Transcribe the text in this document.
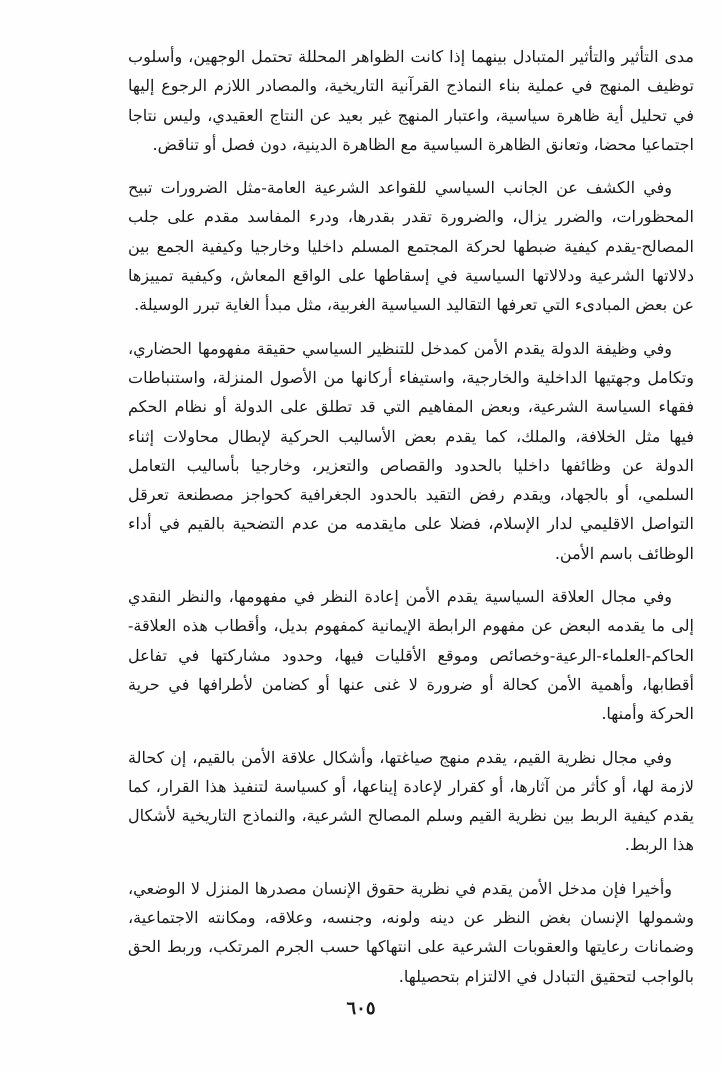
مدى التأثير والتأثير المتبادل بينهما إذا كانت الظواهر المحللة تحتمل الوجهين، وأسلوب توظيف المنهج في عملية بناء النماذج القرآنية التاريخية، والمصادر اللازم الرجوع إليها في تحليل أية ظاهرة سياسية، واعتبار المنهج غير بعيد عن النتاج العقيدي، وليس نتاجا اجتماعيا محضا، وتعانق الظاهرة السياسية مع الظاهرة الدينية، دون فصل أو تناقض.

وفي الكشف عن الجانب السياسي للقواعد الشرعية العامة-مثل الضرورات تبيح المحظورات، والضرر يزال، والضرورة تقدر بقدرها، ودرء المفاسد مقدم على جلب المصالح-يقدم كيفية ضبطها لحركة المجتمع المسلم داخليا وخارجيا وكيفية الجمع بين دلالاتها الشرعية ودلالاتها السياسية في إسقاطها على الواقع المعاش، وكيفية تمييزها عن بعض المبادىء التي تعرفها التقاليد السياسية الغربية، مثل مبدأ الغاية تبرر الوسيلة.

وفي وظيفة الدولة يقدم الأمن كمدخل للتنظير السياسي حقيقة مفهومها الحضاري، وتكامل وجهتيها الداخلية والخارجية، واستيفاء أركانها من الأصول المنزلة، واستنباطات فقهاء السياسة الشرعية، وبعض المفاهيم التي قد تطلق على الدولة أو نظام الحكم فيها مثل الخلافة، والملك، كما يقدم بعض الأساليب الحركية لإبطال محاولات إثناء الدولة عن وظائفها داخليا بالحدود والقصاص والتعزير، وخارجيا بأساليب التعامل السلمي، أو بالجهاد، ويقدم رفض التقيد بالحدود الجغرافية كحواجز مصطنعة تعرقل التواصل الاقليمي لدار الإسلام، فضلا على مايقدمه من عدم التضحية بالقيم في أداء الوظائف باسم الأمن.

وفي مجال العلاقة السياسية يقدم الأمن إعادة النظر في مفهومها، والنظر النقدي إلى ما يقدمه البعض عن مفهوم الرابطة الإيمانية كمفهوم بديل، وأقطاب هذه العلاقة-الحاكم-العلماء-الرعية-وخصائص وموقع الأقليات فيها، وحدود مشاركتها في تفاعل أقطابها، وأهمية الأمن كحالة أو ضرورة لا غنى عنها أو كضامن لأطرافها في حرية الحركة وأمنها.

وفي مجال نظرية القيم، يقدم منهج صياغتها، وأشكال علاقة الأمن بالقيم، إن كحالة لازمة لها، أو كأثر من آثارها، أو كقرار لإعادة إيناعها، أو كسياسة لتنفيذ هذا القرار، كما يقدم كيفية الربط بين نظرية القيم وسلم المصالح الشرعية، والنماذج التاريخية لأشكال هذا الربط.

وأخيرا فإن مدخل الأمن يقدم في نظرية حقوق الإنسان مصدرها المنزل لا الوضعي، وشمولها الإنسان بغض النظر عن دينه ولونه، وجنسه، وعلاقه، ومكانته الاجتماعية، وضمانات رعايتها والعقوبات الشرعية على انتهاكها حسب الجرم المرتكب، وربط الحق بالواجب لتحقيق التبادل في الالتزام بتحصيلها.

٦٠٥
